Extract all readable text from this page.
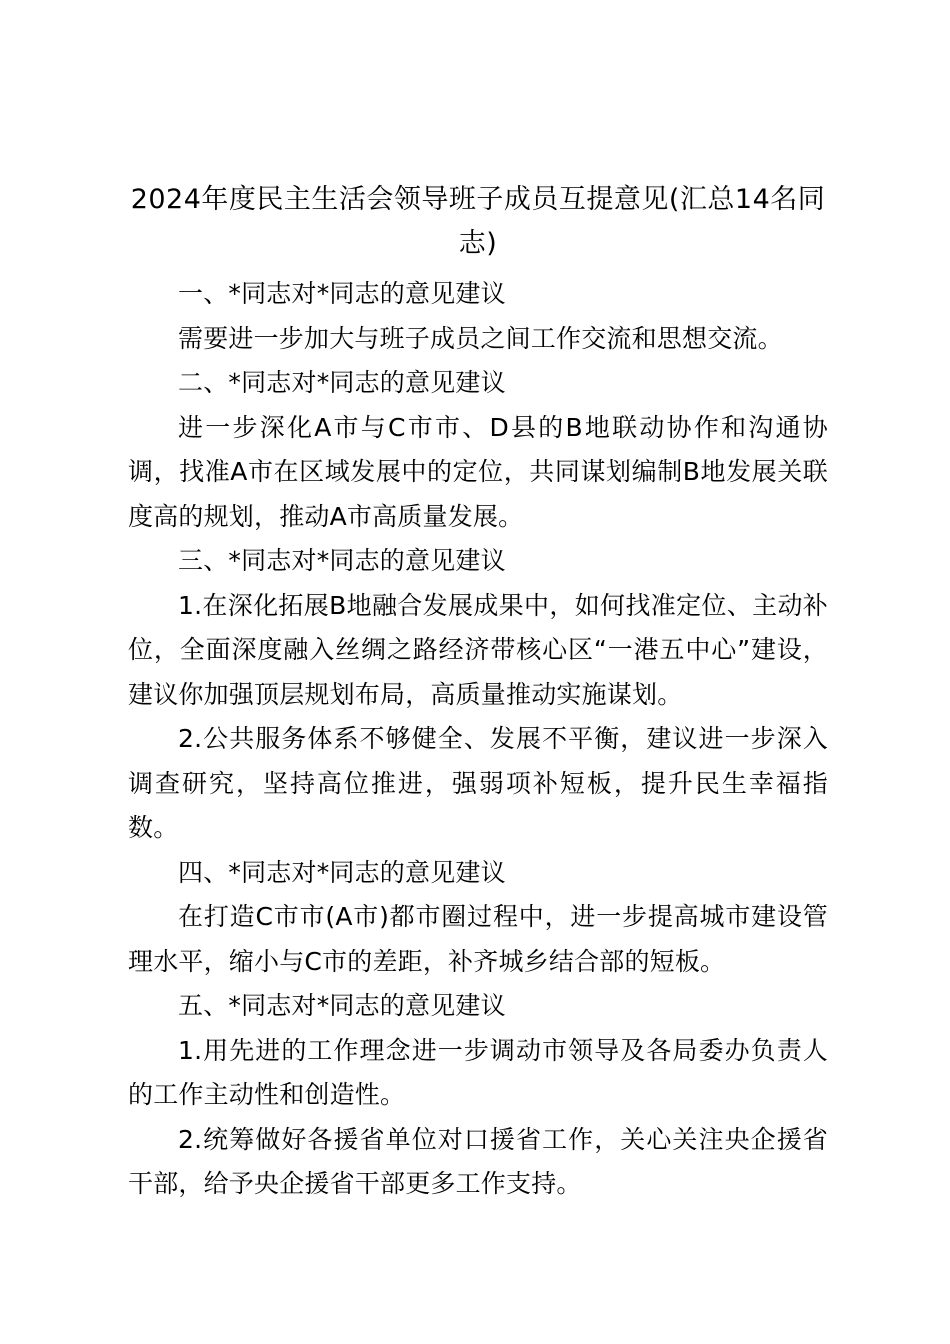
2024年度民主生活会领导班子成员互提意见(汇总14名同志)

一、*同志对*同志的意见建议

需要进一步加大与班子成员之间工作交流和思想交流。

二、*同志对*同志的意见建议

进一步深化A市与C市市、D县的B地联动协作和沟通协调，找准A市在区域发展中的定位，共同谋划编制B地发展关联度高的规划，推动A市高质量发展。

三、*同志对*同志的意见建议

1.在深化拓展B地融合发展成果中，如何找准定位、主动补位，全面深度融入丝绸之路经济带核心区“一港五中心”建设，建议你加强顶层规划布局，高质量推动实施谋划。

2.公共服务体系不够健全、发展不平衡，建议进一步深入调查研究，坚持高位推进，强弱项补短板，提升民生幸福指数。

四、*同志对*同志的意见建议

在打造C市市(A市)都市圈过程中，进一步提高城市建设管理水平，缩小与C市的差距，补齐城乡结合部的短板。

五、*同志对*同志的意见建议

1.用先进的工作理念进一步调动市领导及各局委办负责人的工作主动性和创造性。

2.统筹做好各援省单位对口援省工作，关心关注央企援省干部，给予央企援省干部更多工作支持。
